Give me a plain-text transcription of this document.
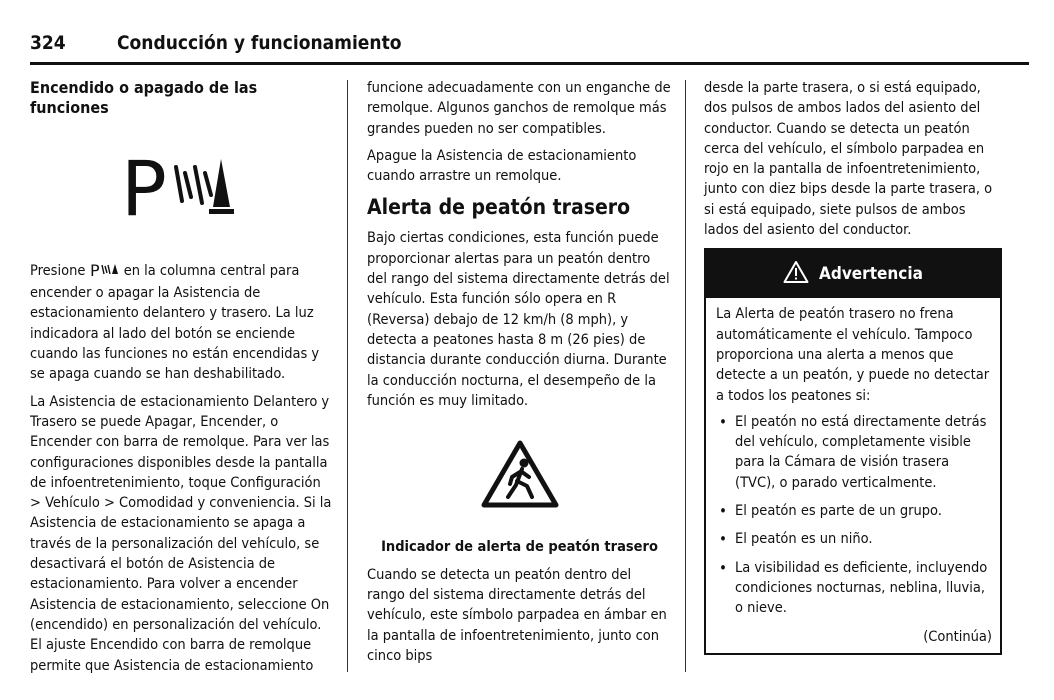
324	Conducción y funcionamiento

Encendido o apagado de las funciones

P

Presione P en la columna central para encender o apagar la Asistencia de estacionamiento delantero y trasero. La luz indicadora al lado del botón se enciende cuando las funciones no están encendidas y se apaga cuando se han deshabilitado.

La Asistencia de estacionamiento Delantero y Trasero se puede Apagar, Encender, o Encender con barra de remolque. Para ver las configuraciones disponibles desde la pantalla de infoentretenimiento, toque Configuración > Vehículo > Comodidad y conveniencia. Si la Asistencia de estacionamiento se apaga a través de la personalización del vehículo, se desactivará el botón de Asistencia de estacionamiento. Para volver a encender Asistencia de estacionamiento, seleccione On (encendido) en personalización del vehículo. El ajuste Encendido con barra de remolque permite que Asistencia de estacionamiento

funcione adecuadamente con un enganche de remolque. Algunos ganchos de remolque más grandes pueden no ser compatibles.

Apague la Asistencia de estacionamiento cuando arrastre un remolque.

Alerta de peatón trasero

Bajo ciertas condiciones, esta función puede proporcionar alertas para un peatón dentro del rango del sistema directamente detrás del vehículo. Esta función sólo opera en R (Reversa) debajo de 12 km/h (8 mph), y detecta a peatones hasta 8 m (26 pies) de distancia durante conducción diurna. Durante la conducción nocturna, el desempeño de la función es muy limitado.

Indicador de alerta de peatón trasero

Cuando se detecta un peatón dentro del rango del sistema directamente detrás del vehículo, este símbolo parpadea en ámbar en la pantalla de infoentretenimiento, junto con cinco bips

desde la parte trasera, o si está equipado, dos pulsos de ambos lados del asiento del conductor. Cuando se detecta un peatón cerca del vehículo, el símbolo parpadea en rojo en la pantalla de infoentretenimiento, junto con diez bips desde la parte trasera, o si está equipado, siete pulsos de ambos lados del asiento del conductor.

Advertencia

La Alerta de peatón trasero no frena automáticamente el vehículo. Tampoco proporciona una alerta a menos que detecte a un peatón, y puede no detectar a todos los peatones si:

• El peatón no está directamente detrás del vehículo, completamente visible para la Cámara de visión trasera (TVC), o parado verticalmente.
• El peatón es parte de un grupo.
• El peatón es un niño.
• La visibilidad es deficiente, incluyendo condiciones nocturnas, neblina, lluvia, o nieve.
(Continúa)
